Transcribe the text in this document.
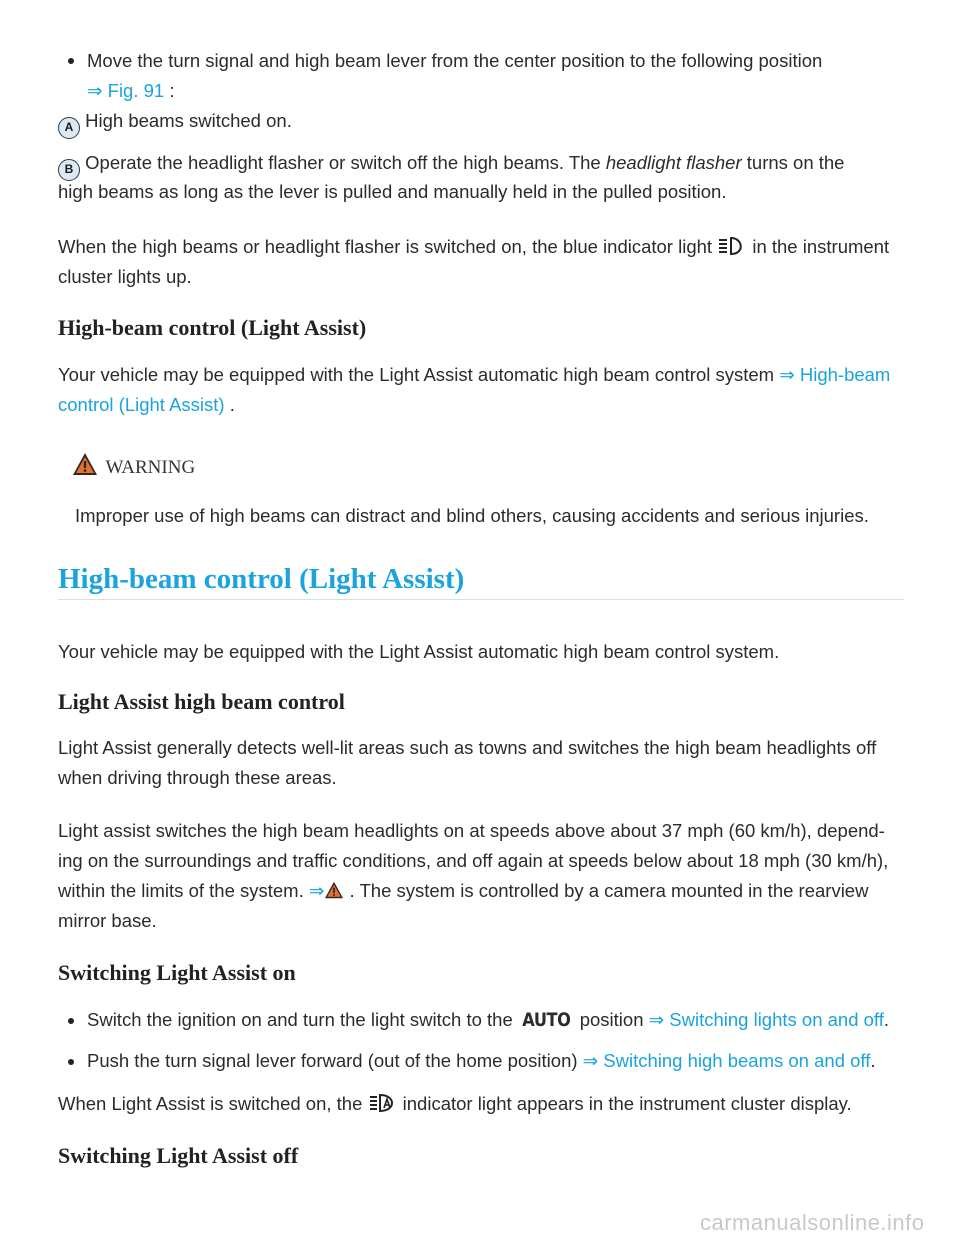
Move the turn signal and high beam lever from the center position to the following position

⇒ Fig. 91 :

A High beams switched on.

B Operate the headlight flasher or switch off the high beams. The headlight flasher turns on the

high beams as long as the lever is pulled and manually held in the pulled position.

When the high beams or headlight flasher is switched on, the blue indicator light in the instrument

cluster lights up.

High-beam control (Light Assist)

Your vehicle may be equipped with the Light Assist automatic high beam control system ⇒ High-beam

control (Light Assist) .

WARNING

Improper use of high beams can distract and blind others, causing accidents and serious injuries.

High-beam control (Light Assist)

Your vehicle may be equipped with the Light Assist automatic high beam control system.

Light Assist high beam control

Light Assist generally detects well-lit areas such as towns and switches the high beam headlights off

when driving through these areas.

Light assist switches the high beam headlights on at speeds above about 37 mph (60 km/h), depend-

ing on the surroundings and traffic conditions, and off again at speeds below about 18 mph (30 km/h),

within the limits of the system. ⇒ . The system is controlled by a camera mounted in the rearview

mirror base.

Switching Light Assist on

Switch the ignition on and turn the light switch to the AUTO position ⇒ Switching lights on and off.

Push the turn signal lever forward (out of the home position) ⇒ Switching high beams on and off.

When Light Assist is switched on, the indicator light appears in the instrument cluster display.

Switching Light Assist off
carmanualsonline.info
